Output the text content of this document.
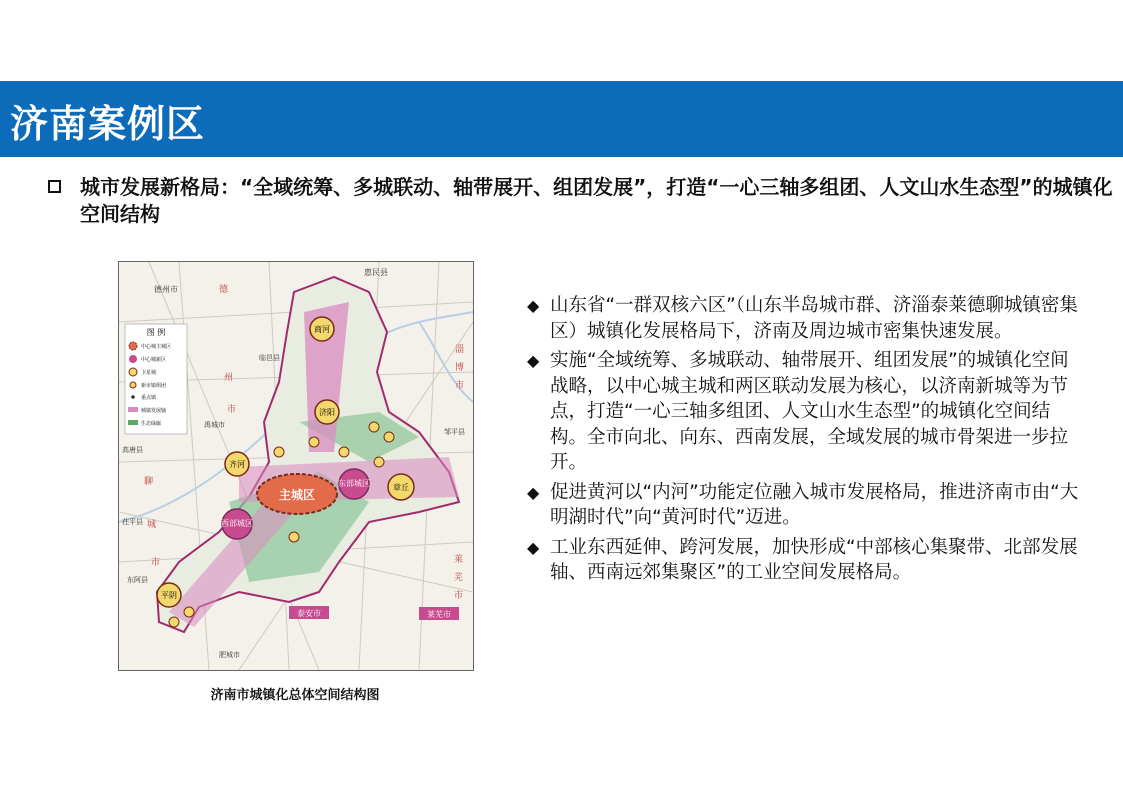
济南案例区
城市发展新格局：“全域统筹、多城联动、轴带展开、组团发展”，打造“一心三轴多组团、人文山水生态型”的城镇化空间结构
主城区
东部城区
西部城区
商河
济阳
齐河
章丘
平阴
德州市
惠民县
临邑县
禹城市
高唐县
邹平县
茌平县
东阿县
肥城市
泰安市	莱芜市
德
州
市
聊
城
市
淄
博
市
莱
芜
市
图 例
中心城主城区
中心城新区
卫星城
新市镇组团
重点镇
城镇发展轴
生态绿廊
济南市城镇化总体空间结构图
◆ 山东省“一群双核六区”（山东半岛城市群、济淄泰莱德聊城镇密集区）城镇化发展格局下，济南及周边城市密集快速发展。
◆ 实施“全域统筹、多城联动、轴带展开、组团发展”的城镇化空间战略，以中心城主城和两区联动发展为核心，以济南新城等为节点，打造“一心三轴多组团、人文山水生态型”的城镇化空间结构。全市向北、向东、西南发展，全域发展的城市骨架进一步拉开。
◆ 促进黄河以“内河”功能定位融入城市发展格局，推进济南市由“大明湖时代”向“黄河时代”迈进。
◆ 工业东西延伸、跨河发展，加快形成“中部核心集聚带、北部发展轴、西南远郊集聚区”的工业空间发展格局。
